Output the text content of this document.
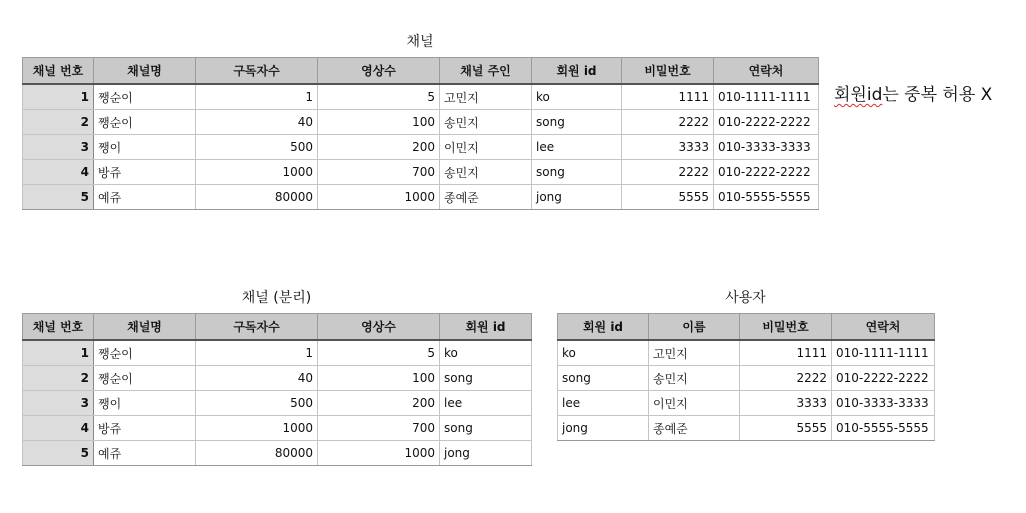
채널
채널 번호	채널명	구독자수	영상수	채널 주인	회원 id	비밀번호	연락처
1	쨍순이	1	5	고민지	ko	1111	010-1111-1111
2	쨍순이	40	100	송민지	song	2222	010-2222-2222
3	쨍이	500	200	이민지	lee	3333	010-3333-3333
4	방쥬	1000	700	송민지	song	2222	010-2222-2222
5	예쥬	80000	1000	종예준	jong	5555	010-5555-5555
회원id는 중복 허용 X
채널 (분리)
채널 번호	채널명	구독자수	영상수	회원 id
1	쨍순이	1	5	ko
2	쨍순이	40	100	song
3	쨍이	500	200	lee
4	방쥬	1000	700	song
5	예쥬	80000	1000	jong
사용자
회원 id	이름	비밀번호	연락처
ko	고민지	1111	010-1111-1111
song	송민지	2222	010-2222-2222
lee	이민지	3333	010-3333-3333
jong	종예준	5555	010-5555-5555
